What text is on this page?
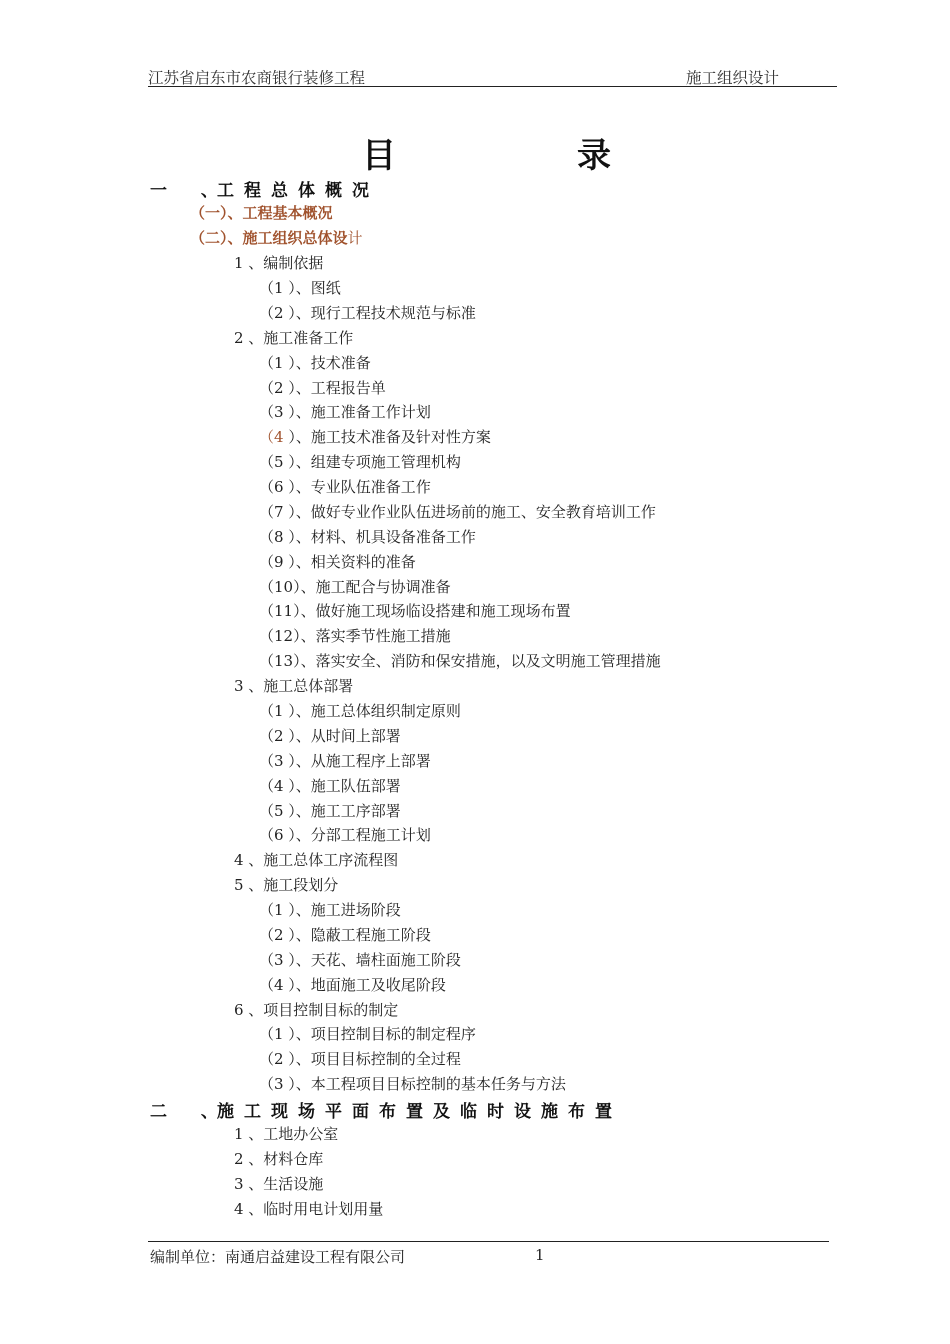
江苏省启东市农商银行装修工程	施工组织设计
目	录
一 、工程总体概况
（一）、工程基本概况
（二）、施工组织总体设计
1 、编制依据
（1 ）、图纸
（2 ）、现行工程技术规范与标准
2 、施工准备工作
（1 ）、技术准备
（2 ）、工程报告单
（3 ）、施工准备工作计划
（4 ）、施工技术准备及针对性方案
（5 ）、组建专项施工管理机构
（6 ）、专业队伍准备工作
（7 ）、做好专业作业队伍进场前的施工、安全教育培训工作
（8 ）、材料、机具设备准备工作
（9 ）、相关资料的准备
（10）、施工配合与协调准备
（11）、做好施工现场临设搭建和施工现场布置
（12）、落实季节性施工措施
（13）、落实安全、消防和保安措施，以及文明施工管理措施
3 、施工总体部署
（1 ）、施工总体组织制定原则
（2 ）、从时间上部署
（3 ）、从施工程序上部署
（4 ）、施工队伍部署
（5 ）、施工工序部署
（6 ）、分部工程施工计划
4 、施工总体工序流程图
5 、施工段划分
（1 ）、施工进场阶段
（2 ）、隐蔽工程施工阶段
（3 ）、天花、墙柱面施工阶段
（4 ）、地面施工及收尾阶段
6 、项目控制目标的制定
（1 ）、项目控制目标的制定程序
（2 ）、项目目标控制的全过程
（3 ）、本工程项目目标控制的基本任务与方法
二 、施工现场平面布置及临时设施布置
1 、工地办公室
2 、材料仓库
3 、生活设施
4 、临时用电计划用量
编制单位：南通启益建设工程有限公司	1
